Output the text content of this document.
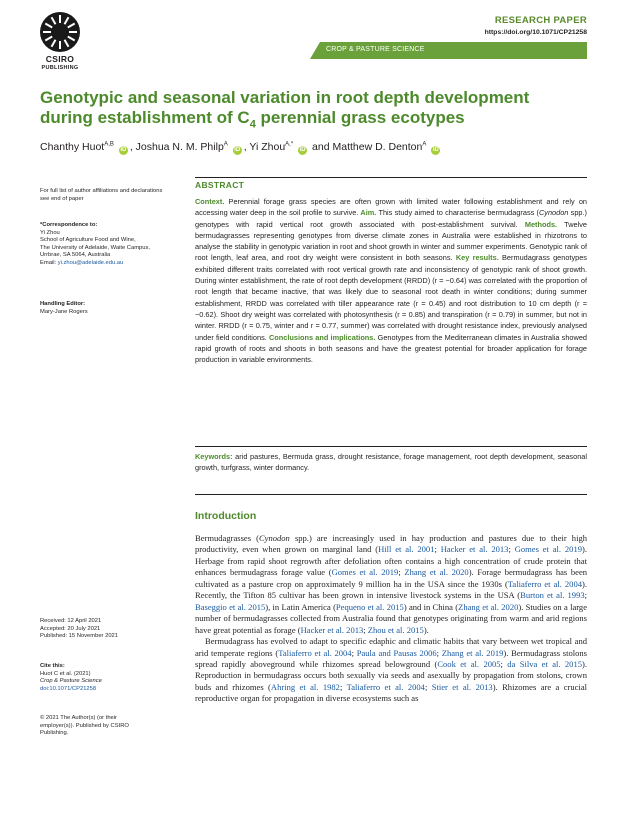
CSIRO
PUBLISHING
RESEARCH PAPER
https://doi.org/10.1071/CP21258
CROP & PASTURE SCIENCE
Genotypic and seasonal variation in root depth development
during establishment of $C_4$ perennial grass ecotypes
Chanthy Huot$^{A,B}$ iD , Joshua N. M. Philp$^A$ iD , Yi Zhou$^{A,*}$ iD and Matthew D. Denton$^A$ iD
For full list of author affiliations and declarations see end of paper
*Correspondence to:
Yi Zhou
School of Agriculture Food and Wine,
The University of Adelaide, Waite Campus,
Urrbrae, SA 5064, Australia
Email: yi.zhou@adelaide.edu.au
Handling Editor:
Mary-Jane Rogers
Received: 12 April 2021
Accepted: 20 July 2021
Published: 15 November 2021
Cite this:
Huot C et al. (2021)
Crop & Pasture Science
doi:10.1071/CP21258
© 2021 The Author(s) (or their employer(s)). Published by CSIRO Publishing.
ABSTRACT
Context. Perennial forage grass species are often grown with limited water following establishment and rely on accessing water deep in the soil profile to survive. Aim. This study aimed to characterise bermudagrass (Cynodon spp.) genotypes with rapid vertical root growth associated with post-establishment survival. Methods. Twelve bermudagrasses representing genotypes from diverse climate zones in Australia were established in rhizotrons to analyse the stability in genotypic variation in root and shoot growth in winter and summer experiments. Genotypic rank of root length, leaf area, and root dry weight were consistent in both seasons. Key results. Bermudagrass genotypes exhibited different traits correlated with root vertical growth rate and inconsistency of genotypic rank of shoot growth. During winter establishment, the rate of root depth development (RRDD) (r = −0.64) was correlated with the proportion of root length that became inactive, that was likely due to seasonal root death in winter conditions; during summer establishment, RRDD was correlated with tiller appearance rate (r = 0.45) and root distribution to 10 cm depth (r = −0.62). Shoot dry weight was correlated with photosynthesis (r = 0.85) and transpiration (r = 0.79) in summer, but not in winter. RRDD (r = 0.75, winter and r = 0.77, summer) was correlated with drought resistance index, previously analysed under field conditions. Conclusions and implications. Genotypes from the Mediterranean climates in Australia showed rapid growth of roots and shoots in both seasons and have the greatest potential for broader application for forage production in variable environments.
Keywords: arid pastures, Bermuda grass, drought resistance, forage management, root depth development, seasonal growth, turfgrass, winter dormancy.
Introduction

Bermudagrasses (Cynodon spp.) are increasingly used in hay production and pastures due to their high productivity, even when grown on marginal land (Hill et al. 2001; Hacker et al. 2013; Gomes et al. 2019). Herbage from rapid shoot regrowth after defoliation often contains a high concentration of crude protein that enhances bermudagrass forage value (Gomes et al. 2019; Zhang et al. 2020). Forage bermudagrass has been cultivated as a pasture crop on approximately 9 million ha in the USA since the 1930s (Taliaferro et al. 2004). Recently, the Tifton 85 cultivar has been grown in intensive livestock systems in the USA (Burton et al. 1993; Baseggio et al. 2015), in Latin America (Pequeno et al. 2015) and in China (Zhang et al. 2020). Studies on a large number of bermudagrasses collected from Australia found that genotypes originating from warm and arid regions have great potential as forage (Hacker et al. 2013; Zhou et al. 2015).

Bermudagrass has evolved to adapt to specific edaphic and climatic habits that vary between wet tropical and arid temperate regions (Taliaferro et al. 2004; Paula and Pausas 2006; Zhang et al. 2019). Bermudagrass stolons spread rapidly aboveground while rhizomes spread belowground (Cook et al. 2005; da Silva et al. 2015). Reproduction in bermudagrass occurs both sexually via seeds and asexually by propagation from stolons, crown buds and rhizomes (Ahring et al. 1982; Taliaferro et al. 2004; Stier et al. 2013). Rhizomes are a crucial reproductive organ for propagation in diverse ecosystems such as
